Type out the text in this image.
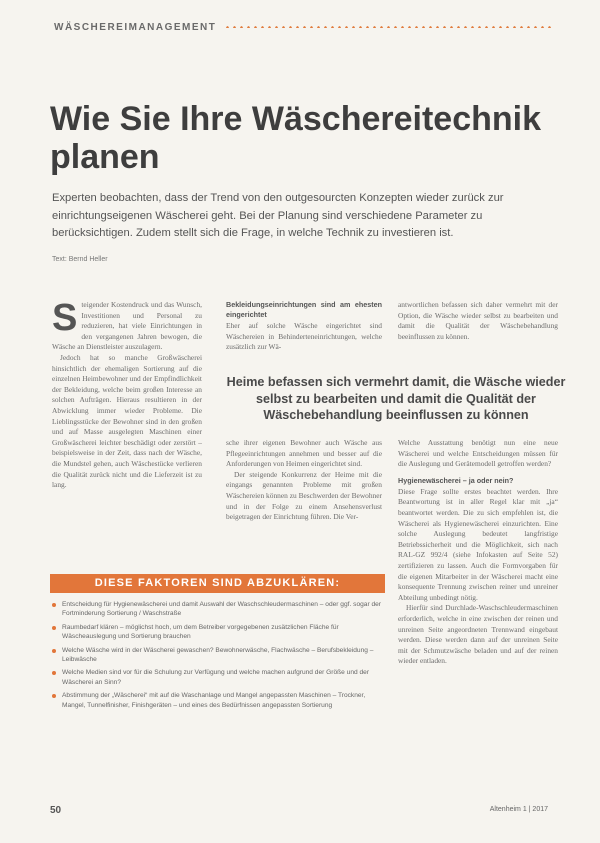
WÄSCHEREIMANAGEMENT
Wie Sie Ihre Wäschereitechnik planen

Experten beobachten, dass der Trend von den outgesourcten Konzepten wieder zurück zur einrichtungseigenen Wäscherei geht. Bei der Planung sind verschiedene Parameter zu berücksichtigen. Zudem stellt sich die Frage, in welche Technik zu investieren ist.

Text: Bernd Heller

S teigender Kostendruck und das Wunsch, Investitionen und Personal zu reduzieren, hat viele Einrichtungen in den vergangenen Jahren bewogen, die Wäsche an Dienstleister auszulagern.

Jedoch hat so manche Großwäscherei hinsichtlich der ehemaligen Sortierung auf die einzelnen Heimbewohner und der Empfindlichkeit der Bekleidung, welche beim großen Interesse an solchen Aufträgen. Hieraus resultieren in der Abwicklung immer wieder Probleme. Die Lieblingsstücke der Bewohner sind in den großen und auf Masse ausgelegten Maschinen einer Großwäscherei leichter beschädigt oder zerstört – beispielsweise in der Zeit, dass nach der Wäsche, die Mundstel gehen, auch Wäschestücke verlieren die Qualität zurück nicht und die Lieferzeit ist zu lang.

Bekleidungseinrichtungen sind am ehesten eingerichtet

Eher auf solche Wäsche eingerichtet sind Wäschereien in Behinderteneinrichtungen, welche zusätzlich zur Wä-

antwortlichen befassen sich daher vermehrt mit der Option, die Wäsche wieder selbst zu bearbeiten und damit die Qualität der Wäschebehandlung beeinflussen zu können.

Heime befassen sich vermehrt damit, die Wäsche wieder selbst zu bearbeiten und damit die Qualität der Wäschebehandlung beeinflussen zu können

sche ihrer eigenen Bewohner auch Wäsche aus Pflegeeinrichtungen annehmen und besser auf die Anforderungen von Heimen eingerichtet sind.

Der steigende Konkurrenz der Heime mit die eingangs genannten Probleme mit großen Wäschereien können zu Beschwerden der Bewohner und in der Folge zu einem Ansehensverlust beigetragen der Einrichtung führen. Die Ver-

Welche Ausstattung benötigt nun eine neue Wäscherei und welche Entscheidungen müssen für die Auslegung und Gerätemodell getroffen werden?

Hygienewäscherei – ja oder nein?

Diese Frage sollte erstes beachtet werden. Ihre Beantwortung ist in aller Regel klar mit „ja“ beantwortet werden. Die zu sich empfehlen ist, die Wäscherei als Hygienewäscherei einzurichten. Eine solche Auslegung bedeutet langfristige Betriebssicherheit und die Möglichkeit, sich nach RAL-GZ 992/4 (siehe Infokasten auf Seite 52) zertifizieren zu lassen. Auch die Formvorgaben für die eigenen Mitarbeiter in der Wäscherei macht eine konsequente Trennung zwischen reiner und unreiner Abteilung unbedingt nötig.

Hierfür sind Durchlade-Waschschleudermaschinen erforderlich, welche in eine zwischen der reinen und unreinen Seite angeordneten Trennwand eingebaut werden. Diese werden dann auf der unreinen Seite mit der Schmutzwäsche beladen und auf der reinen wieder entladen.

DIESE FAKTOREN SIND ABZUKLÄREN:
Entscheidung für Hygienewäscherei und damit Auswahl der Waschschleudermaschinen – oder ggf. sogar der Fortminderung Sortierung / Waschstraße
Raumbedarf klären – möglichst hoch, um dem Betreiber vorgegebenen zusätzlichen Fläche für Wäscheauslegung und Sortierung brauchen
Welche Wäsche wird in der Wäscherei gewaschen? Bewohnerwäsche, Flachwäsche – Berufsbekleidung – Leibwäsche
Welche Medien sind vor für die Schulung zur Verfügung und welche machen aufgrund der Größe und der Wäscherei an Sinn?
Abstimmung der „Wäscherei“ mit auf die Waschanlage und Mangel angepassten Maschinen – Trockner, Mangel, Tunnelfinisher, Finishgeräten – und eines des Bedürfnissen angepassten Sortierung
50	Altenheim 1 | 2017
